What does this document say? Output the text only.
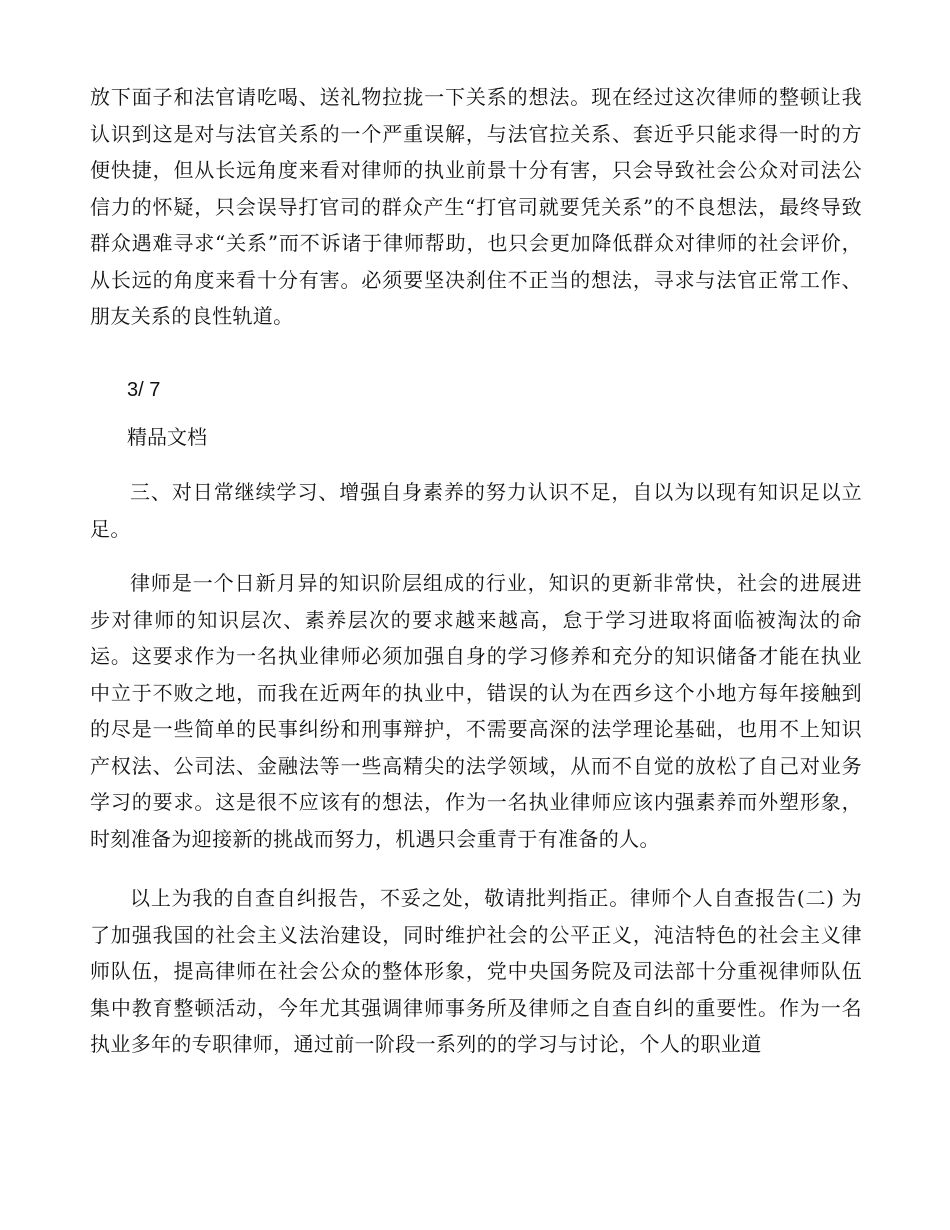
放下面子和法官请吃喝、送礼物拉拢一下关系的想法。现在经过这次律师的整顿让我认识到这是对与法官关系的一个严重误解，与法官拉关系、套近乎只能求得一时的方便快捷，但从长远角度来看对律师的执业前景十分有害，只会导致社会公众对司法公信力的怀疑，只会误导打官司的群众产生“打官司就要凭关系”的不良想法，最终导致群众遇难寻求“关系”而不诉诸于律师帮助，也只会更加降低群众对律师的社会评价，从长远的角度来看十分有害。必须要坚决刹住不正当的想法，寻求与法官正常工作、朋友关系的良性轨道。

3/ 7

精品文档

三、对日常继续学习、增强自身素养的努力认识不足，自以为以现有知识足以立足。

律师是一个日新月异的知识阶层组成的行业，知识的更新非常快，社会的进展进步对律师的知识层次、素养层次的要求越来越高，怠于学习进取将面临被淘汰的命运。这要求作为一名执业律师必须加强自身的学习修养和充分的知识储备才能在执业中立于不败之地，而我在近两年的执业中，错误的认为在西乡这个小地方每年接触到的尽是一些简单的民事纠纷和刑事辩护，不需要高深的法学理论基础，也用不上知识产权法、公司法、金融法等一些高精尖的法学领域，从而不自觉的放松了自己对业务学习的要求。这是很不应该有的想法，作为一名执业律师应该内强素养而外塑形象，时刻准备为迎接新的挑战而努力，机遇只会重青于有准备的人。

以上为我的自查自纠报告，不妥之处，敬请批判指正。律师个人自查报告(二) 为了加强我国的社会主义法治建设，同时维护社会的公平正义，沌洁特色的社会主义律师队伍，提高律师在社会公众的整体形象，党中央国务院及司法部十分重视律师队伍集中教育整顿活动，今年尤其强调律师事务所及律师之自查自纠的重要性。作为一名执业多年的专职律师，通过前一阶段一系列的的学习与讨论，个人的职业道
